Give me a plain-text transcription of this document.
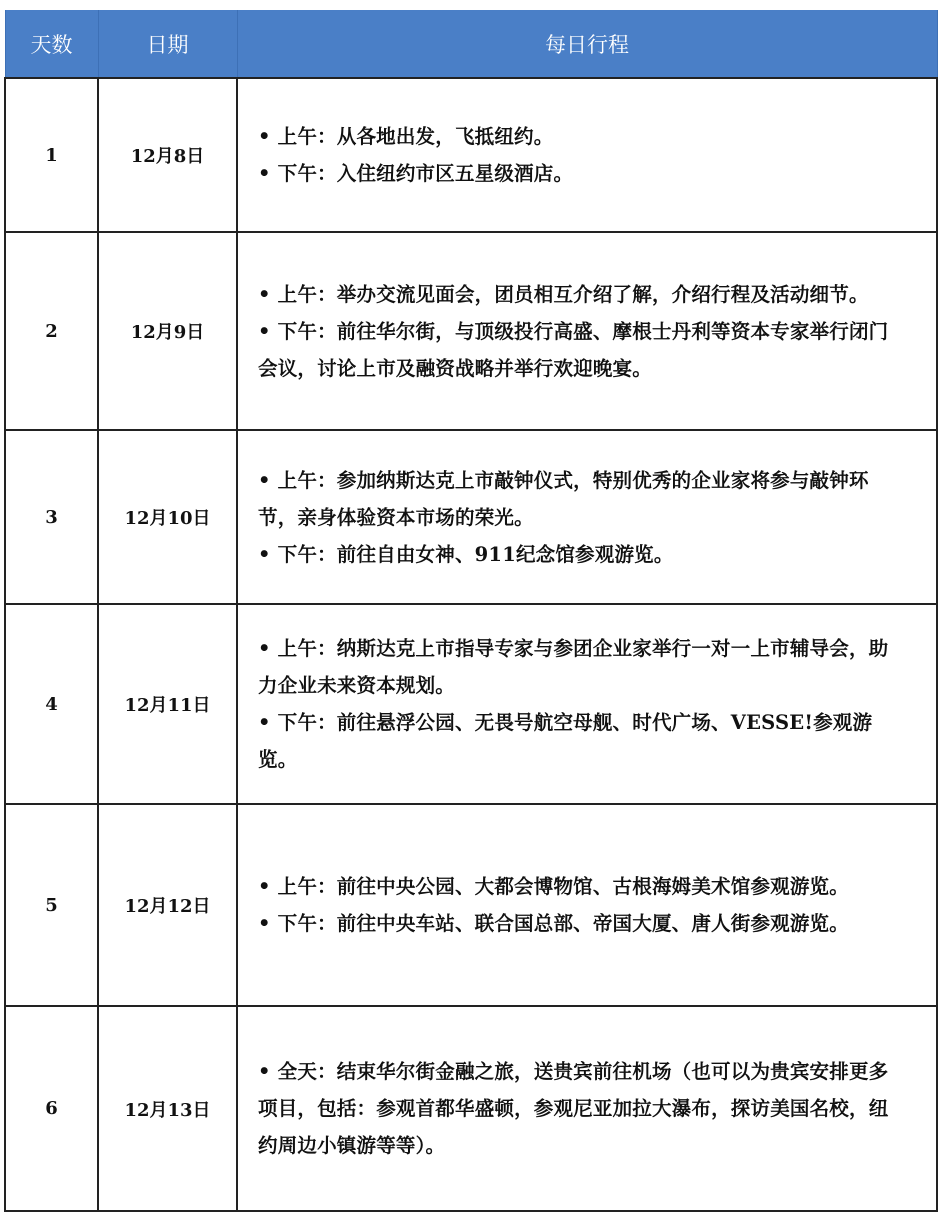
天数	日期	每日行程
1	12月8日	• 上午：从各地出发，飞抵纽约。

• 下午：入住纽约市区五星级酒店。

2	12月9日	• 上午：举办交流见面会，团员相互介绍了解，介绍行程及活动细节。

• 下午：前往华尔街，与顶级投行高盛、摩根士丹利等资本专家举行闭门会议，讨论上市及融资战略并举行欢迎晚宴。

3	12月10日	• 上午：参加纳斯达克上市敲钟仪式，特别优秀的企业家将参与敲钟环节，亲身体验资本市场的荣光。

• 下午：前往自由女神、911纪念馆参观游览。

4	12月11日	• 上午：纳斯达克上市指导专家与参团企业家举行一对一上市辅导会，助力企业未来资本规划。

• 下午：前往悬浮公园、无畏号航空母舰、时代广场、VESSE!参观游览。

5	12月12日	• 上午：前往中央公园、大都会博物馆、古根海姆美术馆参观游览。

• 下午：前往中央车站、联合国总部、帝国大厦、唐人街参观游览。

6	12月13日	• 全天：结束华尔街金融之旅，送贵宾前往机场（也可以为贵宾安排更多项目，包括：参观首都华盛顿，参观尼亚加拉大瀑布，探访美国名校，纽约周边小镇游等等）。
